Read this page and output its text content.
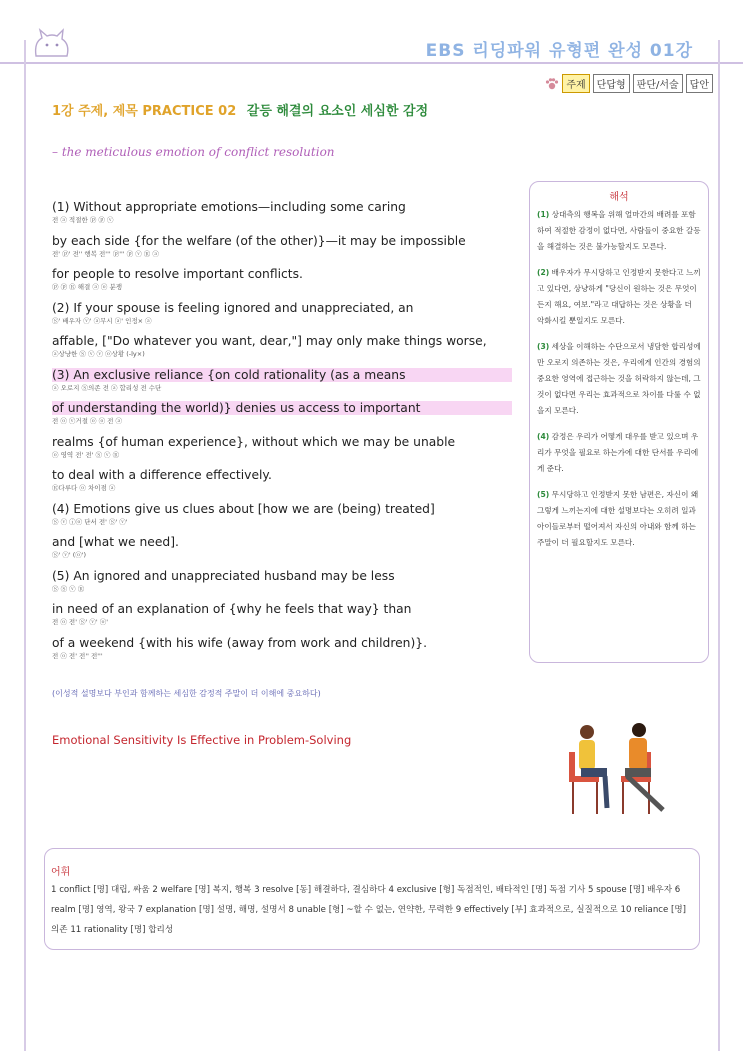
EBS 리딩파워 유형편 완성 01강
주제	단답형	판단/서술	답안
1강 주제, 제목 PRACTICE 02 갈등 해결의 요소인 세심한 감정
– the meticulous emotion of conflict resolution
(1) Without appropriate emotions—including some caring
전 ⓐ 적절한 ⓟ ⓟ ⓥ
by each side {for the welfare (of the other)}—it may be impossible
전' ⓟ' 전'' 행복 전''' ⓟ''' ⓟ ⓥ Ⓡ ⓐ
for people to resolve important conflicts.
ⓟ ⓟ Ⓡ 해결 ⓐ ⓞ 분쟁
(2) If your spouse is feeling ignored and unappreciated, an
Ⓢ' 배우자 ⓥ' ⓐ무시 ⓐ' 인정× ⓐ
affable, ["Do whatever you want, dear,"] may only make things worse,
ⓐ상냥한 Ⓢ ⓥ ⓥ ⓞ상황 (-ly×)
(3) An exclusive reliance {on cold rationality (as a means
ⓐ 오로지 Ⓢ의존 전 ⓐ 합리성 전 수단
of understanding the world)} denies us access to important
전 ⓞ ⓥ거절 ⓞ ⓞ 전 ⓐ
realms {of human experience}, without which we may be unable
ⓞ 영역 전' 전' Ⓢ ⓥ Ⓡ
to deal with a difference effectively.
Ⓡ다루다 ⓞ 차이점 ⓐ
(4) Emotions give us clues about [how we are (being) treated]
Ⓢ ⓥ ⓘⓞ 단서 전' Ⓢ' ⓥ'
and [what we need].
Ⓢ' ⓥ' (ⓞ')
(5) An ignored and unappreciated husband may be less
Ⓢ Ⓢ ⓥ Ⓡ
in need of an explanation of {why he feels that way} than
전 ⓞ 전' Ⓢ' ⓥ' ⓞ'
of a weekend {with his wife (away from work and children)}.
전 ⓞ 전' 전'' 전'''
(이성적 설명보다 부인과 함께하는 세심한 감정적 주말이 더 이해에 중요하다)
Emotional Sensitivity Is Effective in Problem-Solving
해석
(1) 상대측의 행복을 위해 얼마간의 배려를 포함하여 적절한 감정이 없다면, 사람들이 중요한 갈등을 해결하는 것은 불가능할지도 모른다.
(2) 배우자가 무시당하고 인정받지 못한다고 느끼고 있다면, 상냥하게 "당신이 원하는 것은 무엇이든지 해요, 여보."라고 대답하는 것은 상황을 더 악화시킬 뿐일지도 모른다.
(3) 세상을 이해하는 수단으로서 냉담한 합리성에만 오로지 의존하는 것은, 우리에게 인간의 경험의 중요한 영역에 접근하는 것을 허락하지 않는데, 그것이 없다면 우리는 효과적으로 차이를 다룰 수 없을지 모른다.
(4) 감정은 우리가 어떻게 대우를 받고 있으며 우리가 무엇을 필요로 하는가에 대한 단서를 우리에게 준다.
(5) 무시당하고 인정받지 못한 남편은, 자신이 왜 그렇게 느끼는지에 대한 설명보다는 오히려 일과 아이들로부터 떨어져서 자신의 아내와 함께 하는 주말이 더 필요할지도 모른다.
어휘
1 conflict [명] 대립, 싸움 2 welfare [명] 복지, 행복 3 resolve [동] 해결하다, 결심하다 4 exclusive [형] 독점적인, 배타적인 [명] 독점 기사 5 spouse [명] 배우자 6 realm [명] 영역, 왕국 7 explanation [명] 설명, 해명, 설명서 8 unable [형] ~할 수 없는, 연약한, 무력한 9 effectively [부] 효과적으로, 실질적으로 10 reliance [명] 의존 11 rationality [명] 합리성
